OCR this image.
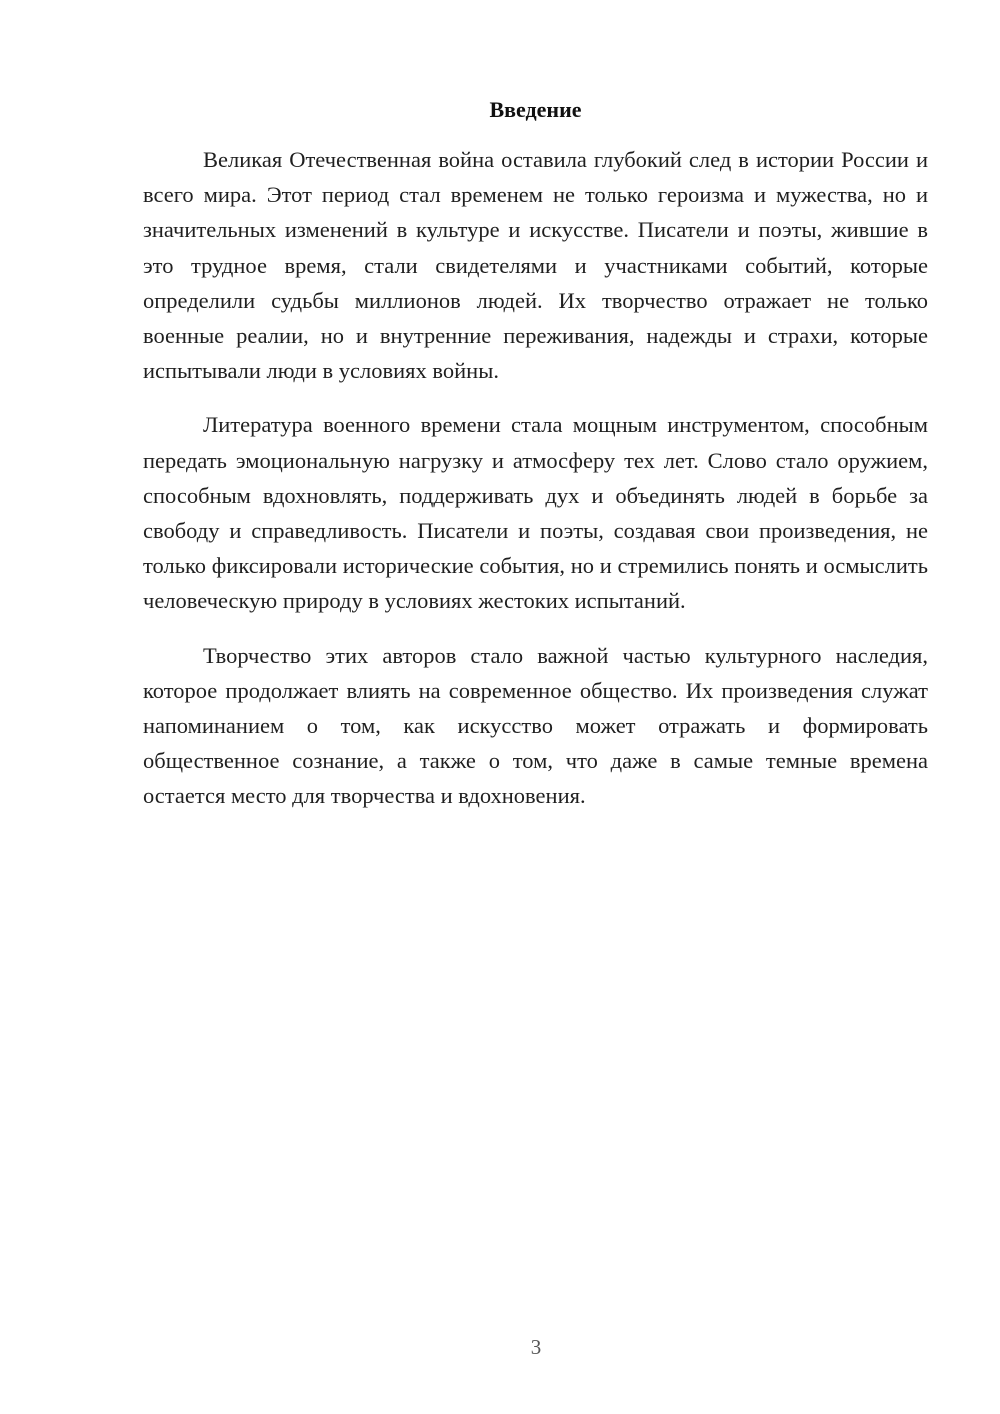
Введение

Великая Отечественная война оставила глубокий след в истории России и всего мира. Этот период стал временем не только героизма и мужества, но и значительных изменений в культуре и искусстве. Писатели и поэты, жившие в это трудное время, стали свидетелями и участниками событий, которые определили судьбы миллионов людей. Их творчество отражает не только военные реалии, но и внутренние переживания, надежды и страхи, которые испытывали люди в условиях войны.

Литература военного времени стала мощным инструментом, способным передать эмоциональную нагрузку и атмосферу тех лет. Слово стало оружием, способным вдохновлять, поддерживать дух и объединять людей в борьбе за свободу и справедливость. Писатели и поэты, создавая свои произведения, не только фиксировали исторические события, но и стремились понять и осмыслить человеческую природу в условиях жестоких испытаний.

Творчество этих авторов стало важной частью культурного наследия, которое продолжает влиять на современное общество. Их произведения служат напоминанием о том, как искусство может отражать и формировать общественное сознание, а также о том, что даже в самые темные времена остается место для творчества и вдохновения.

3
